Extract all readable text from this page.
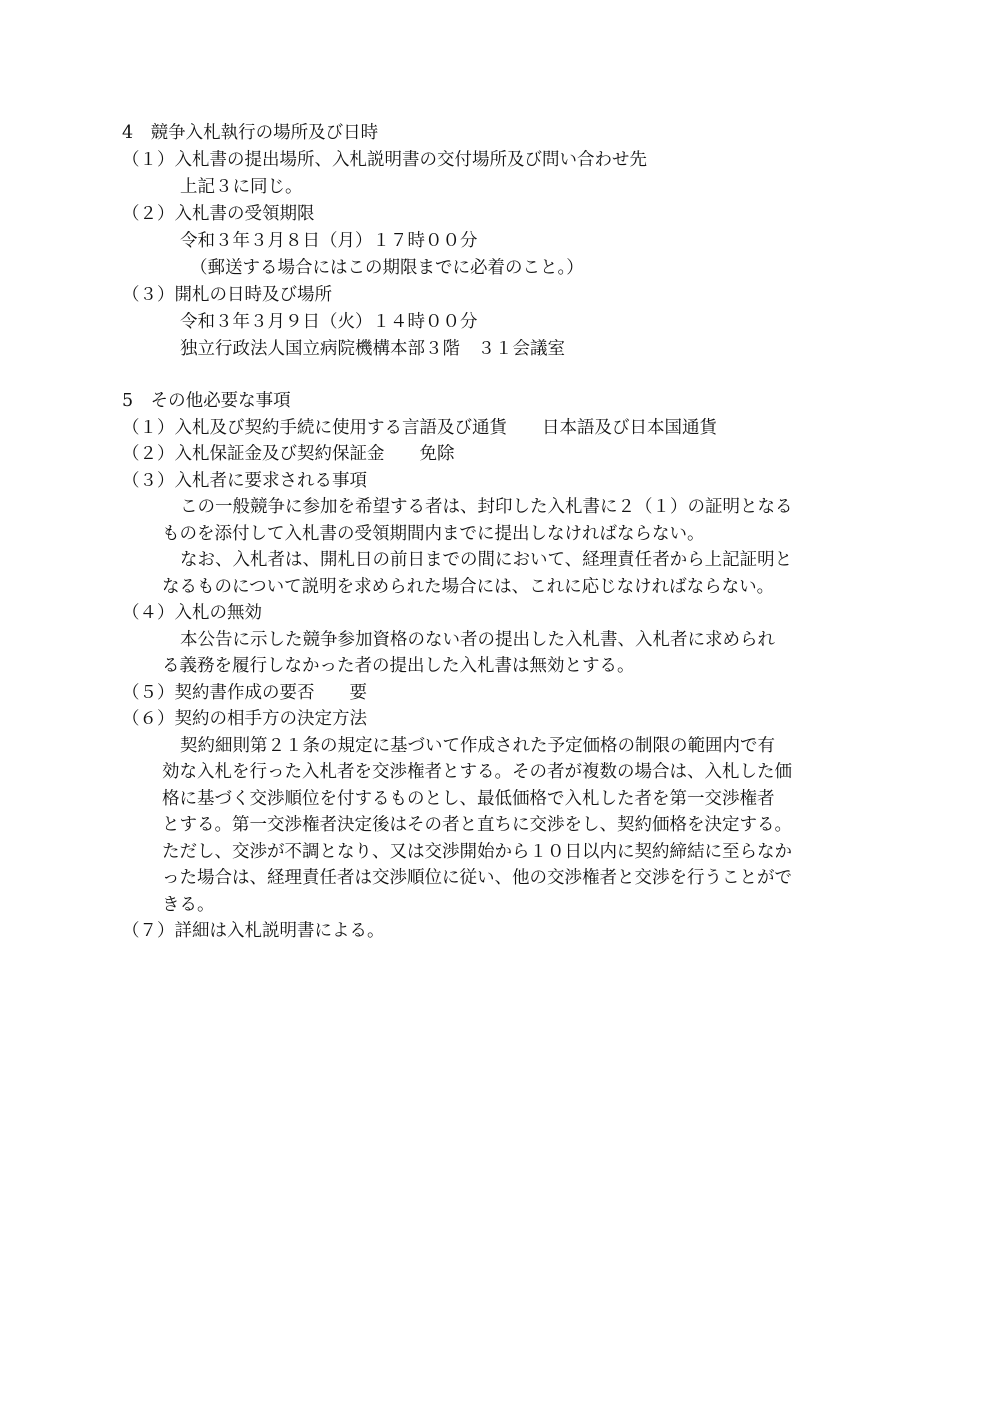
4　競争入札執行の場所及び日時
（１）入札書の提出場所、入札説明書の交付場所及び問い合わせ先
上記３に同じ。
（２）入札書の受領期限
令和３年３月８日（月）１７時００分
（郵送する場合にはこの期限までに必着のこと。）
（３）開札の日時及び場所
令和３年３月９日（火）１４時００分
独立行政法人国立病院機構本部３階　３１会議室
5　その他必要な事項
（１）入札及び契約手続に使用する言語及び通貨　　日本語及び日本国通貨
（２）入札保証金及び契約保証金　　免除
（３）入札者に要求される事項
この一般競争に参加を希望する者は、封印した入札書に２（１）の証明となる
ものを添付して入札書の受領期間内までに提出しなければならない。
なお、入札者は、開札日の前日までの間において、経理責任者から上記証明と
なるものについて説明を求められた場合には、これに応じなければならない。
（４）入札の無効
本公告に示した競争参加資格のない者の提出した入札書、入札者に求められ
る義務を履行しなかった者の提出した入札書は無効とする。
（５）契約書作成の要否　　要
（６）契約の相手方の決定方法
契約細則第２１条の規定に基づいて作成された予定価格の制限の範囲内で有
効な入札を行った入札者を交渉権者とする。その者が複数の場合は、入札した価
格に基づく交渉順位を付するものとし、最低価格で入札した者を第一交渉権者
とする。第一交渉権者決定後はその者と直ちに交渉をし、契約価格を決定する。
ただし、交渉が不調となり、又は交渉開始から１０日以内に契約締結に至らなか
った場合は、経理責任者は交渉順位に従い、他の交渉権者と交渉を行うことがで
きる。
（７）詳細は入札説明書による。
